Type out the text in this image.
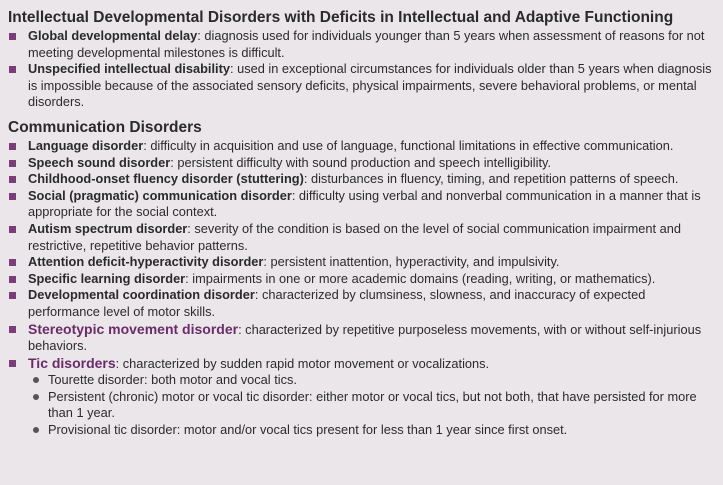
Intellectual Developmental Disorders with Deficits in Intellectual and Adaptive Functioning
Global developmental delay: diagnosis used for individuals younger than 5 years when assessment of reasons for not meeting developmental milestones is difficult.
Unspecified intellectual disability: used in exceptional circumstances for individuals older than 5 years when diagnosis is impossible because of the associated sensory deficits, physical impairments, severe behavioral problems, or mental disorders.
Communication Disorders
Language disorder: difficulty in acquisition and use of language, functional limitations in effective communication.
Speech sound disorder: persistent difficulty with sound production and speech intelligibility.
Childhood-onset fluency disorder (stuttering): disturbances in fluency, timing, and repetition patterns of speech.
Social (pragmatic) communication disorder: difficulty using verbal and nonverbal communication in a manner that is appropriate for the social context.
Autism spectrum disorder: severity of the condition is based on the level of social communication impairment and restrictive, repetitive behavior patterns.
Attention deficit-hyperactivity disorder: persistent inattention, hyperactivity, and impulsivity.
Specific learning disorder: impairments in one or more academic domains (reading, writing, or mathematics).
Developmental coordination disorder: characterized by clumsiness, slowness, and inaccuracy of expected performance level of motor skills.
Stereotypic movement disorder: characterized by repetitive purposeless movements, with or without self-injurious behaviors.
Tic disorders: characterized by sudden rapid motor movement or vocalizations.
Tourette disorder: both motor and vocal tics.
Persistent (chronic) motor or vocal tic disorder: either motor or vocal tics, but not both, that have persisted for more than 1 year.
Provisional tic disorder: motor and/or vocal tics present for less than 1 year since first onset.
